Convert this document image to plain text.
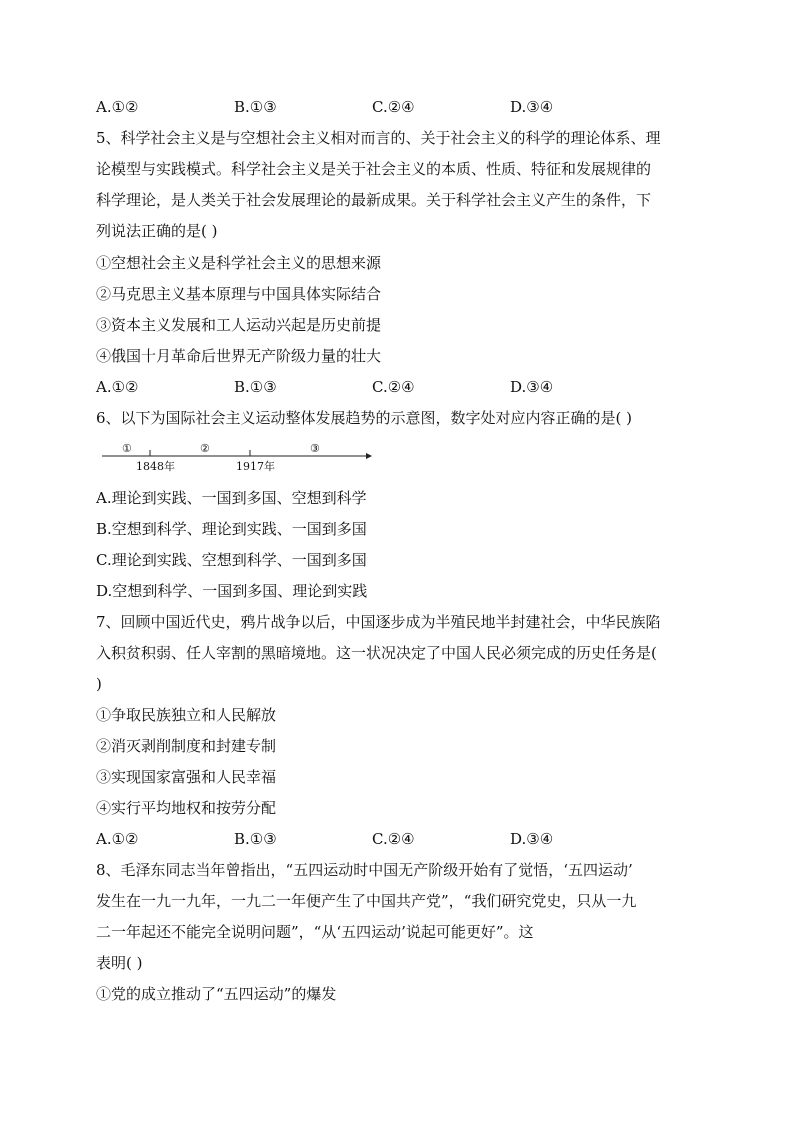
A.①②	B.①③	C.②④	D.③④
5、科学社会主义是与空想社会主义相对而言的、关于社会主义的科学的理论体系、理
论模型与实践模式。科学社会主义是关于社会主义的本质、性质、特征和发展规律的
科学理论，是人类关于社会发展理论的最新成果。关于科学社会主义产生的条件，下
列说法正确的是( )
①空想社会主义是科学社会主义的思想来源
②马克思主义基本原理与中国具体实际结合
③资本主义发展和工人运动兴起是历史前提
④俄国十月革命后世界无产阶级力量的壮大
A.①②	B.①③	C.②④	D.③④
6、以下为国际社会主义运动整体发展趋势的示意图，数字处对应内容正确的是( )
①	②	③
1848年	1917年
A.理论到实践、一国到多国、空想到科学
B.空想到科学、理论到实践、一国到多国
C.理论到实践、空想到科学、一国到多国
D.空想到科学、一国到多国、理论到实践
7、回顾中国近代史，鸦片战争以后，中国逐步成为半殖民地半封建社会，中华民族陷
入积贫积弱、任人宰割的黑暗境地。这一状况决定了中国人民必须完成的历史任务是(
)
①争取民族独立和人民解放
②消灭剥削制度和封建专制
③实现国家富强和人民幸福
④实行平均地权和按劳分配
A.①②	B.①③	C.②④	D.③④
8、毛泽东同志当年曾指出，“五四运动时中国无产阶级开始有了觉悟，‘五四运动’
发生在一九一九年，一九二一年便产生了中国共产党”，“我们研究党史，只从一九
二一年起还不能完全说明问题”，“从‘五四运动’说起可能更好”。这
表明( )
①党的成立推动了“五四运动”的爆发
